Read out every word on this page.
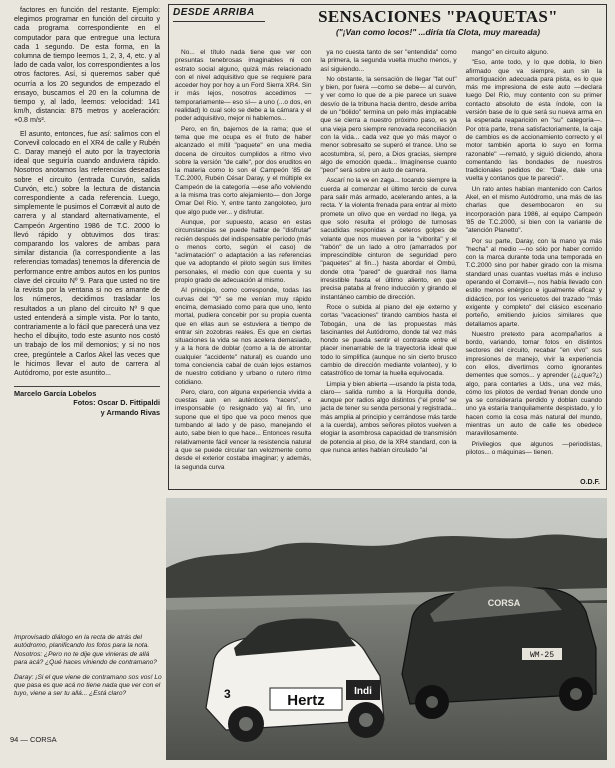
factores en función del restante. Ejemplo: elegimos programar en función del circuito y cada programa correspondiente en el computador para que entregue una lectura cada 1 segundo. De esta forma, en la columna de tiempo leemos 1, 2, 3, 4, etc. y al lado de cada valor, los correspondientes a los otros factores. Así, si queremos saber qué ocurría a los 20 segundos de empezado el ensayo, buscamos el 20 en la columna de tiempo y, al lado, leemos: velocidad: 141 km/h, distancia: 875 metros y aceleración: +0.8 m/s².

El asunto, entonces, fue así: salimos con el Corvevil colocado en el XR4 de calle y Rubén C. Daray manejó el auto por la trayectoria ideal que seguiría cuando anduviera rápido. Nosotros anotamos las referencias deseadas sobre el circuito (entrada Curvón, salida Curvón, etc.) sobre la lectura de distancia correspondiente a cada referencia. Luego, simplemente le pusimos el Corrævit al auto de carrera y al standard alternativamente, el Campeón Argentino 1986 de T.C. 2000 lo llevó rápido y obtuvimos dos tiras: comparando los valores de ambas para similar distancia (la correspondiente a las referencias tomadas) tenemos la diferencia de performance entre ambos autos en los puntos clave del circuito Nº 9. Para que usted no tire la revista por la ventana si no es amante de los números, decidimos trasladar los resultados a un plano del circuito Nº 9 que usted entenderá a simple vista. Por lo tanto, contrariamente a lo fácil que parecerá una vez hecho el dibujito, todo este asunto nos costó un trabajo de los mil demonios; y si no nos cree, pregúntele a Carlos Akel las veces que le hicimos llevar el auto de carrera al Autódromo, por este asuntito...

Marcelo García Lobelos
Fotos: Oscar D. Fittipaldi
y Armando Rivas
DESDE ARRIBA	SENSACIONES "PAQUETAS"
("¡Van como locos!" ...diría tía Clota, muy mareada)

No... el título nada tiene que ver con presuntas tenebrosas imaginables ni con estrato social alguno, quizá más relacionado con el nivel adquisitivo que se requiere para acceder hoy por hoy a un Ford Sierra XR4. Sin ir más lejos, nosotros accedimos —temporariamente— eso sí— a uno (...o dos, en realidad) lo cual solo se debe a la cámara y el poder adquisitivo, mejor ni hablemos...

Pero, en fin, bajemos de la rama; que el tema que me ocupa es el fruto de haber alcanzado el mítil "paquete" en una media docena de circuitos cumplidos a ritmo vivo sobre la versión "de calle", por dos eruditos en la materia como lo son el Campeón '85 de T.C.2000, Rubén César Daray, y el múltiple ex Campeón de la categoría —ese año volviendo a la misma tras corto alejamiento— don Jorge Omar Del Río. Y, entre tanto zangoloteo, juro que algo pude ver... y disfrutar.

Aunque, por supuesto, acaso en estas circunstancias se puede hablar de "disfrutar" recién después del indispensable período (más o menos corto, según el caso) de "aclimatación" o adaptación a las referencias que va adoptando el piloto según sus límites personales, el medio con que cuenta y su propio grado de adecuación al mismo.

Al principio, como corresponde, todas las curvas del "9" se me venían muy rápido encima, demasiado como para que uno, lento mortal, pudiera concebir por su propia cuenta que en ellas aun se estuviera a tiempo de entrar sin zozobras reales. Es que en ciertas situaciones la vida se nos acelera demasiado, y a la hora de doblar (como a la de atrontar cualquier "accidente" natural) es cuando uno toma conciencia cabal de cuán lejos estamos de nuestro cotidiano y urbano o rutero ritmo cotidiano.

Pero, claro, con alguna experiencia vivida a cuestas aun en auténticos "racers", e irresponsable (o resignado ya) al fin, uno supone que el tipo que va poco menos que tumbando al lado y de paso, manejando el auto, sabe bien lo que hace... Entonces resulta relativamente fácil vencer la resistencia natural a que se puede circular tan velozmente como desde el exterior costaba imaginar; y además, la segunda curva

ya no cuesta tanto de ser "entendida" como la primera, la segunda vuelta mucho menos, y así siguiendo...

No obstante, la sensación de llegar "fat out" y bien, por fuera —como se debe— al curvón, y ver como lo que de a pie parece un suave desvío de la tribuna hacia dentro, desde arriba de un "bólido" termina un pelo más implacable que se cierra a nuestro próximo paso, es ya una vieja pero siempre renovada reconciliación con la vida... cada vez que yo más mayor o menor sobresalto se superó el trance. Uno se acostumbra, sí, pero, a Dios gracias, siempre algo de emoción queda... Imagínense cuanto "peor" será sobre un auto de carrera.

Ascarí no la ve en zaga... tocando siempre la cuerda al comenzar el último tercio de curva para salir más armado, acelerando antes, a la recta. Y la violenta frenada para entrar al mixto promete un olivo que en verdad no llega, ya que solo resulta el prólogo de turnosas sacudidas responidas a ceteros golpes de volante que nos mueven por la "viborita" y el "rabón" de un lado a otro (amarrados por imprescindible cinturon de seguridad pero "paquetes" al fin...) hasta abordar el Ombú, donde otra "pared" de guardrail nos llama irresistible hasta el último aliento, en que precisa pataba al freno inducción y girando el instantáneo cambio de dirección.

Roce o subida al piano del eje externo y cortas "vacaciones" tirando cambios hasta el Tobogán, una de las propuestas más fascinantes del Autódromo, donde tal vez más hondo se pueda sentir el contraste entre el placer inenarrable de la trayectoria ideal que todo lo simplifica (aunque no sin cierto brusco cambio de dirección mediante volanteo), y lo catastrófico de tomar la huella equivocada.

Limpia y bien abierta —usando la pista toda, claro— salida rumbo a la Horquilla donde, aunque por radios algo distintos ("el prote" se jacta de tener su senda personal y registrada... más amplia al principio y cerrándose más tarde a la cuerda), ambos señores pilotos vuelven a elogiar la asombrosa capacidad de transmisión de potencia al piso, de la XR4 standard, con la que nunca antes habían circulado "al

mango" en circuito alguno.

"Eso, ante todo, y lo que dobla, lo bien afirmado que va siempre, aun sin la amortiguación adecuada para pista, es lo que más me impresiona de este auto —declara luego Del Río, muy contento con su primer contacto absoluto de esta índole, con la versión base de lo que será su nueva arma en la esperada reaparición en "su" categoría—. Por otra parte, trena satisfactoriamente, la caja de cambios es de accionamiento correcto y el motor también aporta lo suyo en forma razonable" —remató, y siguió diciendo, ahora comentando las bondades de nuestros tradicionales pedidos de: "Dale, dale una vuelta y contanos que te pareció".

Un rato antes habían mantenido con Carlos Akel, en el mismo Autódromo, una más de las charlas que desembocaron en su incorporación para 1986, al equipo Campeón '85 de T.C.2000, si bien con la variante de "atención Planetto".

Por su parte, Daray, con la mano ya más "hecha" al medio —no sólo por haber corrido con la marca durante toda una temporada en T.C.2000 sino por haber girado con la misma standard unas cuantas vueltas más e incluso operando el Corrævit—, nos había llevado con estilo menos enérgico e igualmente eficaz y didáctico, por los vericuetos del trazado "más exigente y completo" del clásico escenario porteño, emitiendo juicios similares que detallamos aparte.

Nuestro pretexto para acompañarlos a bordo, variando, tomar fotos en distintos sectores del circuito, recabar "en vivo" sus impresiones de manejo, vivir la experiencia con ellos, divertirnos como ignorantes dementes que somos... y aprender (¿¿que?¿) algo, para contarles a Uds., una vez más, cómo los pilotos de verdad frenan donde uno ya se consideraría perdido y doblan cuando uno ya estaría tranquilamente despistado, y lo hacen como la cosa más natural del mundo, mientras un auto de calle les obedece maravillosamente.

Privilegios que algunos —periodistas, pilotos... o máquinas— tienen.

O.D.F.
Hertz
Indi
3
CORSA
WM-25

Improvisado diálogo en la recta de atrás del autódromo, planificando los fotos para la nota. Nosotros: ¿Pero no te dije que vinieras de allá para acá? ¿Qué haces viniendo de contramano?

Daray: ¡Si el que viene de contramano sos vos! Lo que pasa es que acá no tiene nada que ver con el tuyo, viene a ser tu allá... ¿Está claro?

94 — CORSA
